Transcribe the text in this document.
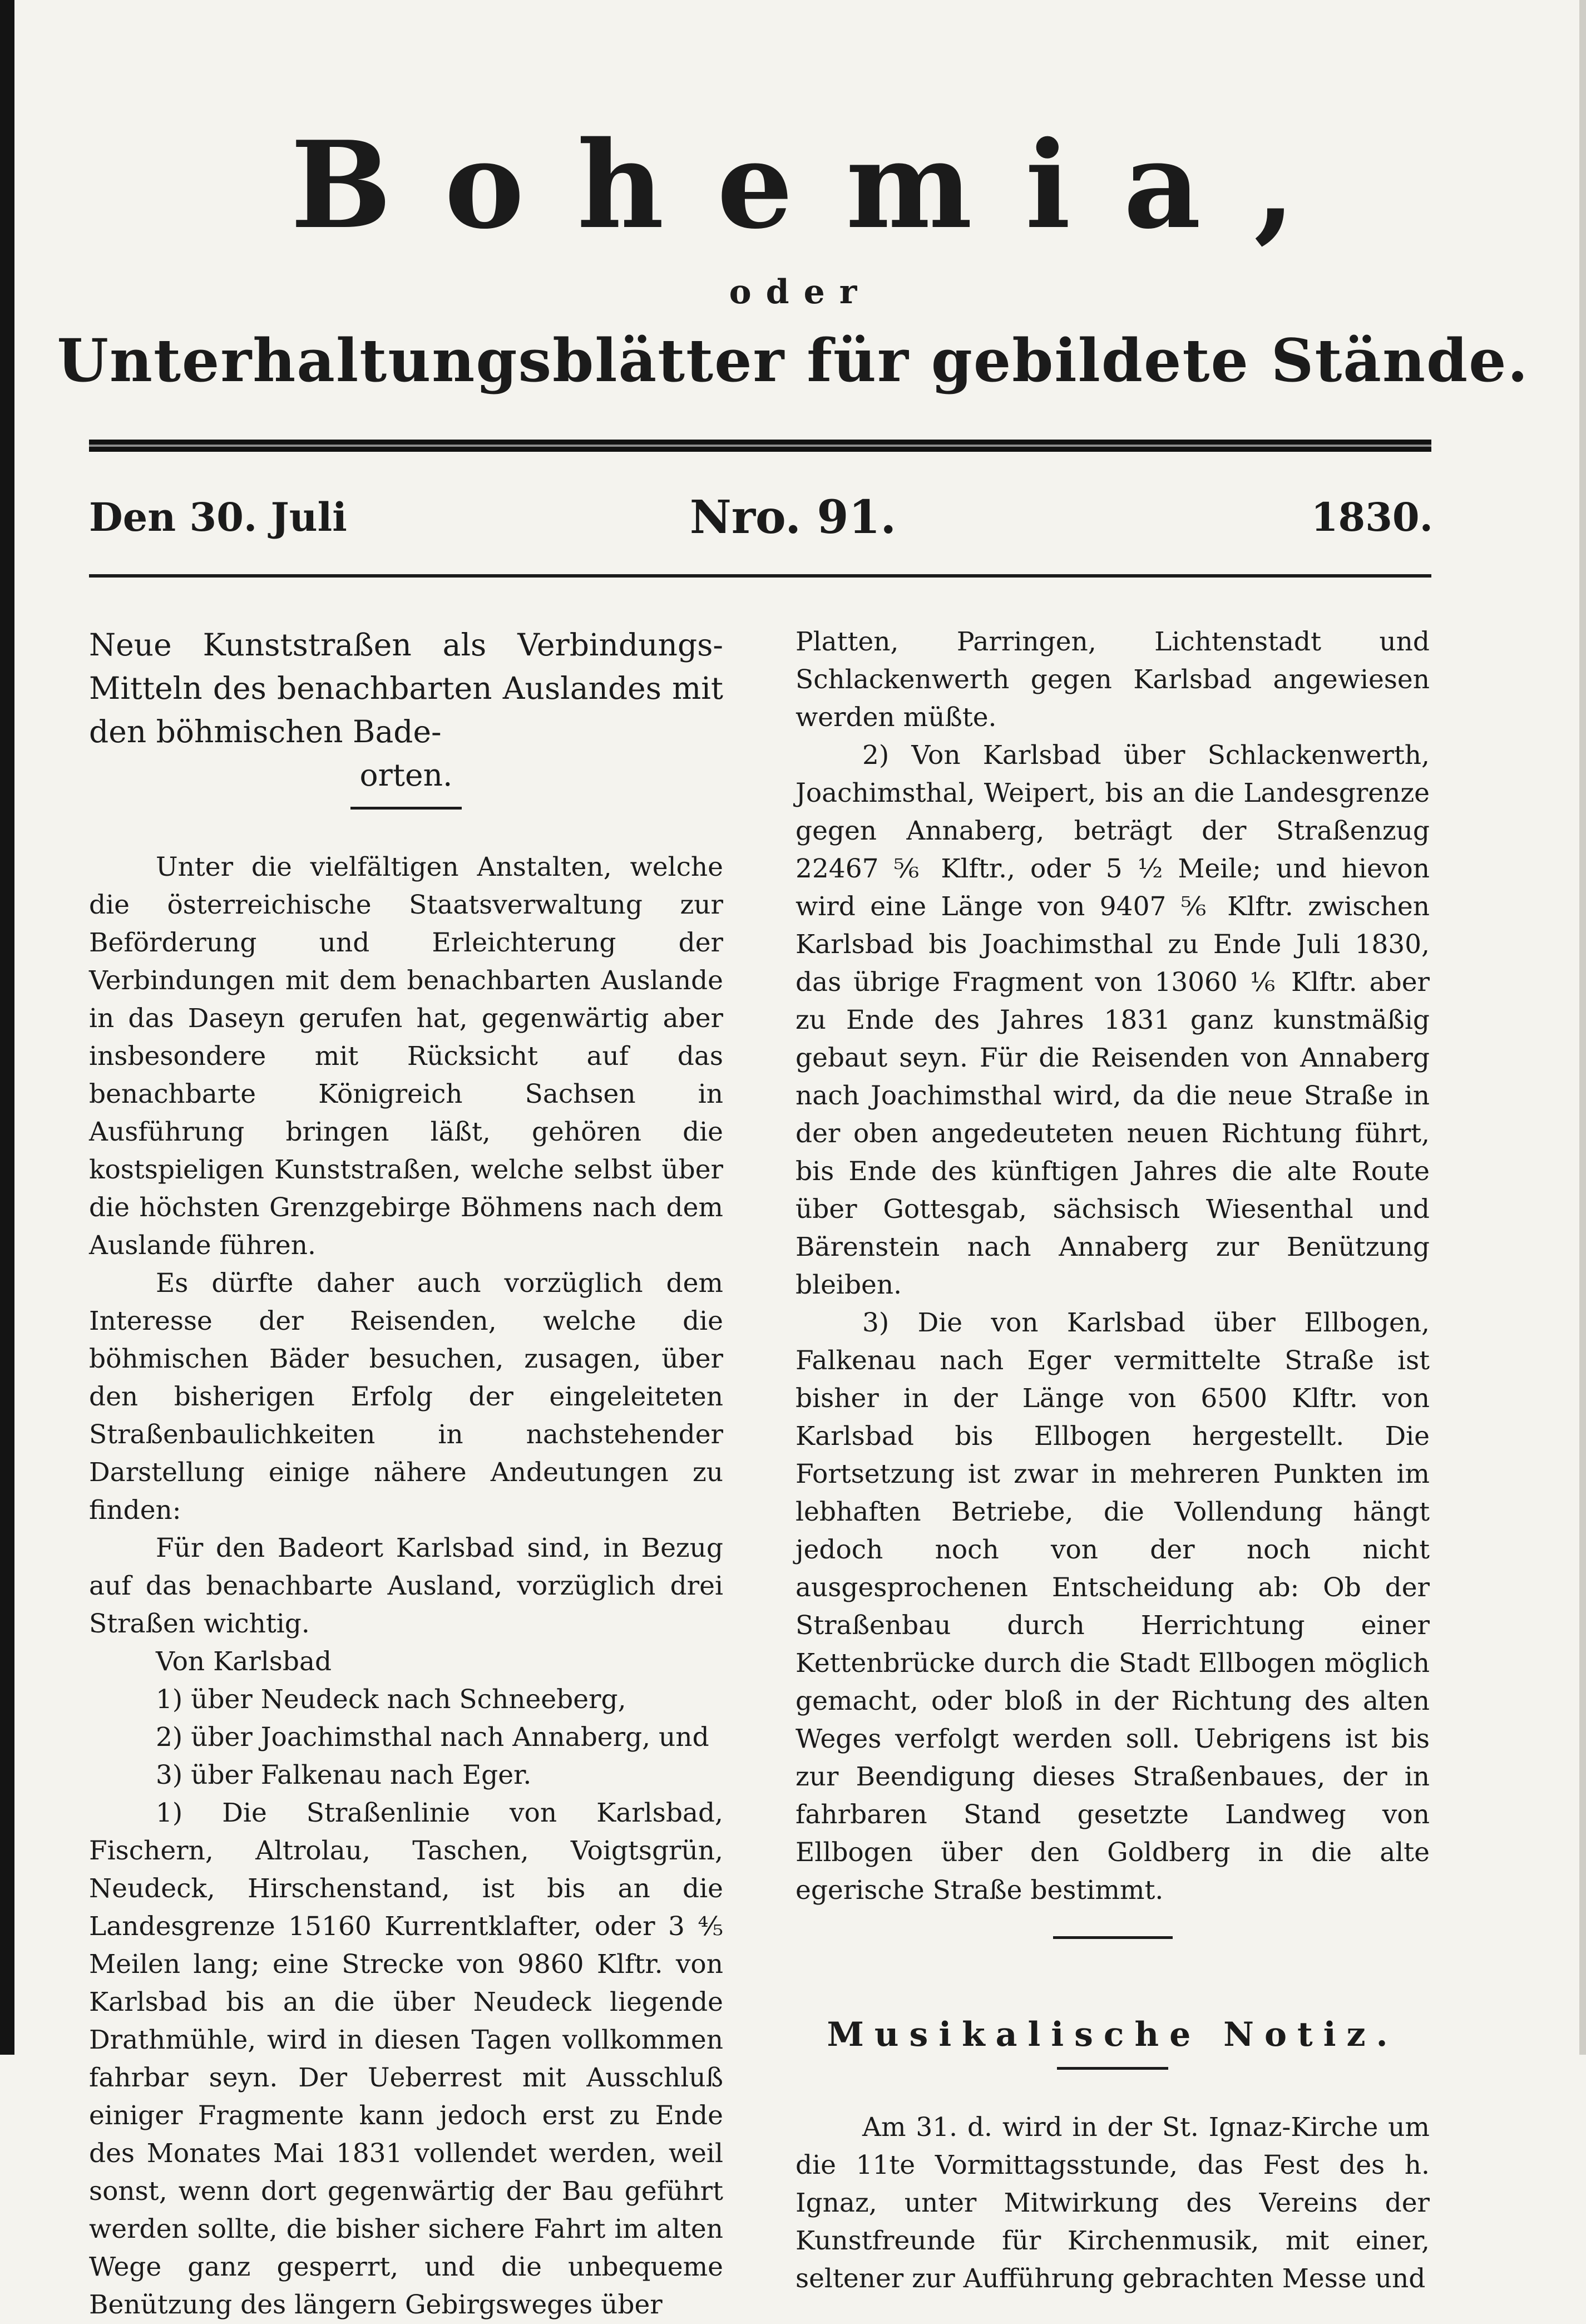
Bohemia,
oder
Unterhaltungsblätter für gebildete Stände.
Den 30. Juli	Nro. 91.	1830.

Neue Kunststraßen als Verbindungs-Mitteln des benachbarten Auslandes mit den böhmischen Bade-

orten.

Unter die vielfältigen Anstalten, welche die österreichische Staatsverwaltung zur Beförderung und Erleichterung der Verbindungen mit dem benachbarten Auslande in das Daseyn gerufen hat, gegenwärtig aber insbesondere mit Rücksicht auf das benachbarte Königreich Sachsen in Ausführung bringen läßt, gehören die kostspieligen Kunststraßen, welche selbst über die höchsten Grenzgebirge Böhmens nach dem Auslande führen.

Es dürfte daher auch vorzüglich dem Interesse der Reisenden, welche die böhmischen Bäder besuchen, zusagen, über den bisherigen Erfolg der eingeleiteten Straßenbaulichkeiten in nachstehender Darstellung einige nähere Andeutungen zu finden:

Für den Badeort Karlsbad sind, in Bezug auf das benachbarte Ausland, vorzüglich drei Straßen wichtig.

Von Karlsbad

1) über Neudeck nach Schneeberg,

2) über Joachimsthal nach Annaberg, und

3) über Falkenau nach Eger.

1) Die Straßenlinie von Karlsbad, Fischern, Altrolau, Taschen, Voigtsgrün, Neudeck, Hirschenstand, ist bis an die Landesgrenze 15160 Kurrentklafter, oder 3 ⅘ Meilen lang; eine Strecke von 9860 Klftr. von Karlsbad bis an die über Neudeck liegende Drathmühle, wird in diesen Tagen vollkommen fahrbar seyn. Der Ueberrest mit Ausschluß einiger Fragmente kann jedoch erst zu Ende des Monates Mai 1831 vollendet werden, weil sonst, wenn dort gegenwärtig der Bau geführt werden sollte, die bisher sichere Fahrt im alten Wege ganz gesperrt, und die unbequeme Benützung des längern Gebirgsweges über

Platten, Parringen, Lichtenstadt und Schlackenwerth gegen Karlsbad angewiesen werden müßte.

2) Von Karlsbad über Schlackenwerth, Joachimsthal, Weipert, bis an die Landesgrenze gegen Annaberg, beträgt der Straßenzug 22467 ⅚ Klftr., oder 5 ½ Meile; und hievon wird eine Länge von 9407 ⅚ Klftr. zwischen Karlsbad bis Joachimsthal zu Ende Juli 1830, das übrige Fragment von 13060 ⅙ Klftr. aber zu Ende des Jahres 1831 ganz kunstmäßig gebaut seyn. Für die Reisenden von Annaberg nach Joachimsthal wird, da die neue Straße in der oben angedeuteten neuen Richtung führt, bis Ende des künftigen Jahres die alte Route über Gottesgab, sächsisch Wiesenthal und Bärenstein nach Annaberg zur Benützung bleiben.

3) Die von Karlsbad über Ellbogen, Falkenau nach Eger vermittelte Straße ist bisher in der Länge von 6500 Klftr. von Karlsbad bis Ellbogen hergestellt. Die Fortsetzung ist zwar in mehreren Punkten im lebhaften Betriebe, die Vollendung hängt jedoch noch von der noch nicht ausgesprochenen Entscheidung ab: Ob der Straßenbau durch Herrichtung einer Kettenbrücke durch die Stadt Ellbogen möglich gemacht, oder bloß in der Richtung des alten Weges verfolgt werden soll. Uebrigens ist bis zur Beendigung dieses Straßenbaues, der in fahrbaren Stand gesetzte Landweg von Ellbogen über den Goldberg in die alte egerische Straße bestimmt.

Musikalische Notiz.

Am 31. d. wird in der St. Ignaz-Kirche um die 11te Vormittagsstunde, das Fest des h. Ignaz, unter Mitwirkung des Vereins der Kunstfreunde für Kirchenmusik, mit einer, seltener zur Aufführung gebrachten Messe und
